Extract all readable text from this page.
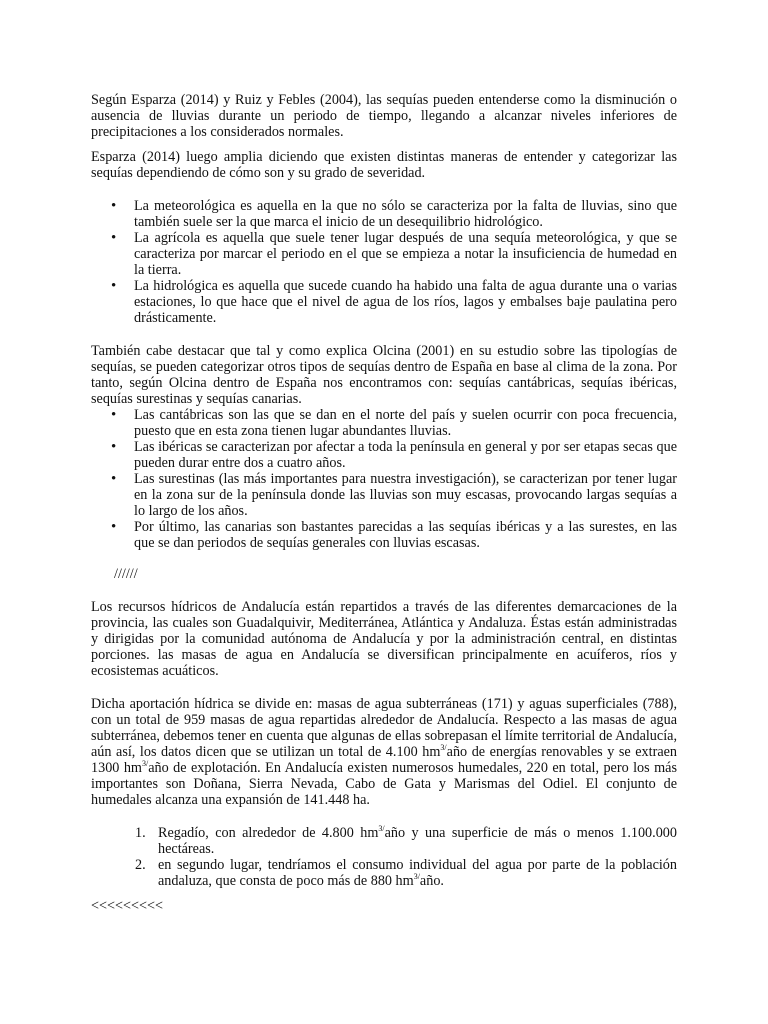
Según Esparza (2014) y Ruiz y Febles (2004), las sequías pueden entenderse como la disminución o ausencia de lluvias durante un periodo de tiempo, llegando a alcanzar niveles inferiores de precipitaciones a los considerados normales.

Esparza (2014) luego amplia diciendo que existen distintas maneras de entender y categorizar las sequías dependiendo de cómo son y su grado de severidad.

• La meteorológica es aquella en la que no sólo se caracteriza por la falta de lluvias, sino que también suele ser la que marca el inicio de un desequilibrio hidrológico.
• La agrícola es aquella que suele tener lugar después de una sequía meteorológica, y que se caracteriza por marcar el periodo en el que se empieza a notar la insuficiencia de humedad en la tierra.
• La hidrológica es aquella que sucede cuando ha habido una falta de agua durante una o varias estaciones, lo que hace que el nivel de agua de los ríos, lagos y embalses baje paulatina pero drásticamente.

También cabe destacar que tal y como explica Olcina (2001) en su estudio sobre las tipologías de sequías, se pueden categorizar otros tipos de sequías dentro de España en base al clima de la zona. Por tanto, según Olcina dentro de España nos encontramos con: sequías cantábricas, sequías ibéricas, sequías surestinas y sequías canarias.

• Las cantábricas son las que se dan en el norte del país y suelen ocurrir con poca frecuencia, puesto que en esta zona tienen lugar abundantes lluvias.
• Las ibéricas se caracterizan por afectar a toda la península en general y por ser etapas secas que pueden durar entre dos a cuatro años.
• Las surestinas (las más importantes para nuestra investigación), se caracterizan por tener lugar en la zona sur de la península donde las lluvias son muy escasas, provocando largas sequías a lo largo de los años.
• Por último, las canarias son bastantes parecidas a las sequías ibéricas y a las surestes, en las que se dan periodos de sequías generales con lluvias escasas.

//////

Los recursos hídricos de Andalucía están repartidos a través de las diferentes demarcaciones de la provincia, las cuales son Guadalquivir, Mediterránea, Atlántica y Andaluza. Éstas están administradas y dirigidas por la comunidad autónoma de Andalucía y por la administración central, en distintas porciones. las masas de agua en Andalucía se diversifican principalmente en acuíferos, ríos y ecosistemas acuáticos.

Dicha aportación hídrica se divide en: masas de agua subterráneas (171) y aguas superficiales (788), con un total de 959 masas de agua repartidas alrededor de Andalucía. Respecto a las masas de agua subterránea, debemos tener en cuenta que algunas de ellas sobrepasan el límite territorial de Andalucía, aún así, los datos dicen que se utilizan un total de 4.100 $hm^{3/}año$ de energías renovables y se extraen 1300 $hm^{3/}año$ de explotación. En Andalucía existen numerosos humedales, 220 en total, pero los más importantes son Doñana, Sierra Nevada, Cabo de Gata y Marismas del Odiel. El conjunto de humedales alcanza una expansión de 141.448 ha.

1. Regadío, con alrededor de 4.800 $hm^{3/}año$ y una superficie de más o menos 1.100.000 hectáreas.
2. en segundo lugar, tendríamos el consumo individual del agua por parte de la población andaluza, que consta de poco más de 880 $hm^{3/}año$.

<<<<<<<<<
